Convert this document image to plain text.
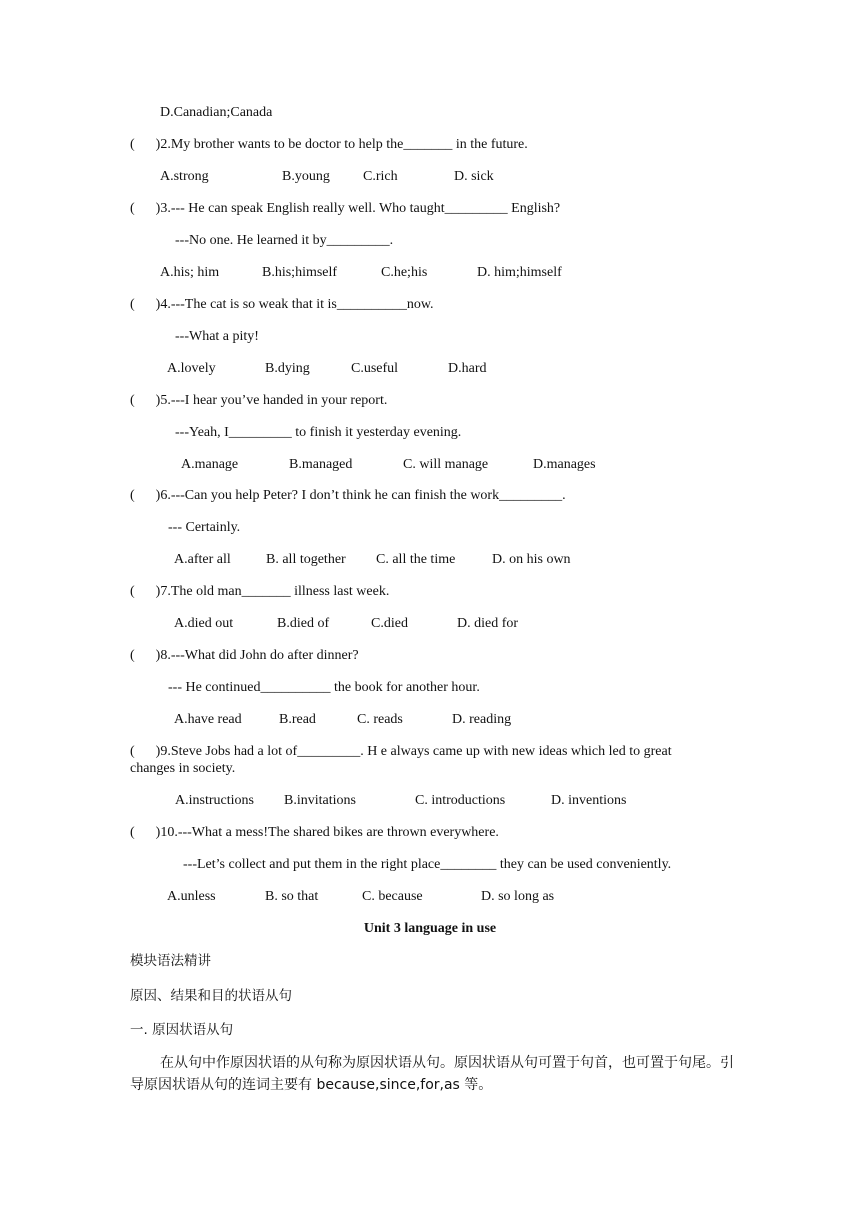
D.Canadian;Canada
(      )2.My brother wants to be doctor to help the_______ in the future.
A.strong	B.young C.rich	D. sick
(      )3.--- He can speak English really well. Who taught_________ English?
---No one. He learned it by_________.
A.his; him	B.his;himself	C.he;his	D. him;himself
(      )4.---The cat is so weak that it is__________now.
---What a pity!
A.lovely	B.dying	C.useful	D.hard
(      )5.---I hear you’ve handed in your report.
---Yeah, I_________ to finish it yesterday evening.
A.manage	B.managed	C. will manage	D.manages
(      )6.---Can you help Peter? I don’t think he can finish the work_________.
--- Certainly.
A.after all	B. all together C. all the time	D. on his own
(      )7.The old man_______ illness last week.
A.died out	B.died of	C.died	D. died for
(      )8.---What did John do after dinner?
--- He continued__________ the book for another hour.
A.have read	B.read	C. reads	D. reading
(      )9.Steve Jobs had a lot of_________. H e always came up with new ideas which led to great
changes in society.
A.instructions B.invitations	C. introductions	D. inventions
(      )10.---What a mess!The shared bikes are thrown everywhere.
---Let’s collect and put them in the right place________ they can be used conveniently.
A.unless	B. so that	C. because	D. so long as
Unit 3 language in use
模块语法精讲
原因、结果和目的状语从句
一. 原因状语从句
在从句中作原因状语的从句称为原因状语从句。原因状语从句可置于句首，也可置于句尾。引导原因状语从句的连词主要有 because,since,for,as 等。
